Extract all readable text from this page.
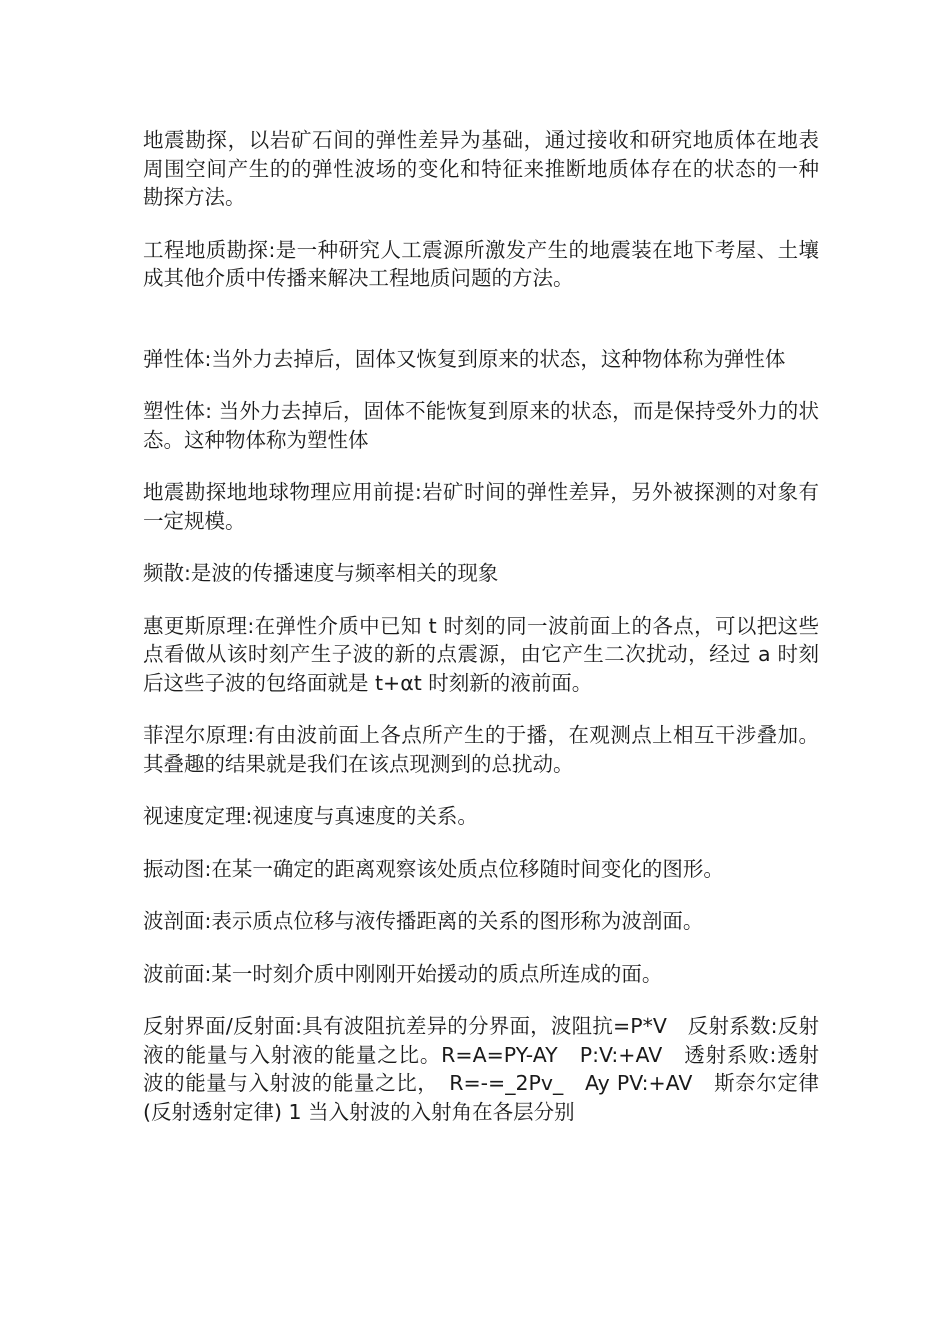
地震勘探，以岩矿石间的弹性差异为基础，通过接收和研究地质体在地表周围空间产生的的弹性波场的变化和特征来推断地质体存在的状态的一种勘探方法。

工程地质勘探:是一种研究人工震源所激发产生的地震装在地下考屋、土壤成其他介质中传播来解决工程地质问题的方法。

弹性体:当外力去掉后，固体又恢复到原来的状态，这种物体称为弹性体

塑性体: 当外力去掉后，固体不能恢复到原来的状态，而是保持受外力的状态。这种物体称为塑性体

地震勘探地地球物理应用前提:岩矿时间的弹性差异，另外被探测的对象有一定规模。

频散:是波的传播速度与频率相关的现象

惠更斯原理:在弹性介质中已知 t 时刻的同一波前面上的各点，可以把这些点看做从该时刻产生子波的新的点震源，由它产生二次扰动，经过 a 时刻后这些子波的包络面就是 t+αt 时刻新的液前面。

菲涅尔原理:有由波前面上各点所产生的于播，在观测点上相互干涉叠加。其叠趣的结果就是我们在该点现测到的总扰动。

视速度定理:视速度与真速度的关系。

振动图:在某一确定的距离观察该处质点位移随时间变化的图形。

波剖面:表示质点位移与液传播距离的关系的图形称为波剖面。

波前面:某一时刻介质中刚刚开始援动的质点所连成的面。

反射界面/反射面:具有波阻抗差异的分界面，波阻抗=P*V　反射系数:反射液的能量与入射液的能量之比。R=A=PY-AY　P:V:+AV　透射系败:透射波的能量与入射波的能量之比，　R=-=_2Pv_　Ay PV:+AV　斯奈尔定律(反射透射定律) 1 当入射波的入射角在各层分别
